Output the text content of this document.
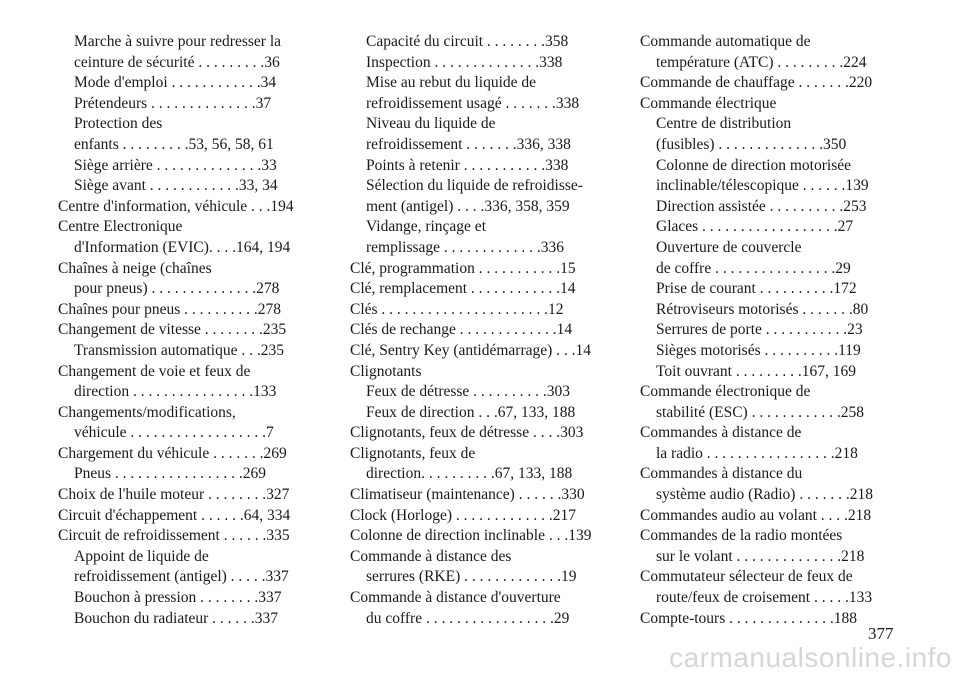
Marche à suivre pour redresser la
ceinture de sécurité . . . . . . . . .36
Mode d'emploi . . . . . . . . . . . .34
Prétendeurs . . . . . . . . . . . . . .37
Protection des
enfants . . . . . . . . .53, 56, 58, 61
Siège arrière . . . . . . . . . . . . . .33
Siège avant . . . . . . . . . . . .33, 34
Centre d'information, véhicule . . .194
Centre Electronique
d'Information (EVIC). . . .164, 194
Chaînes à neige (chaînes
pour pneus) . . . . . . . . . . . . . .278
Chaînes pour pneus . . . . . . . . . .278
Changement de vitesse . . . . . . . .235
Transmission automatique . . .235
Changement de voie et feux de
direction . . . . . . . . . . . . . . . .133
Changements/modifications,
véhicule . . . . . . . . . . . . . . . . . .7
Chargement du véhicule . . . . . . .269
Pneus . . . . . . . . . . . . . . . . .269
Choix de l'huile moteur . . . . . . . .327
Circuit d'échappement . . . . . .64, 334
Circuit de refroidissement . . . . . .335
Appoint de liquide de
refroidissement (antigel) . . . . .337
Bouchon à pression . . . . . . . .337
Bouchon du radiateur . . . . . .337
Capacité du circuit . . . . . . . .358
Inspection . . . . . . . . . . . . . .338
Mise au rebut du liquide de
refroidissement usagé . . . . . . .338
Niveau du liquide de
refroidissement . . . . . . .336, 338
Points à retenir . . . . . . . . . . .338
Sélection du liquide de refroidisse-
ment (antigel) . . . .336, 358, 359
Vidange, rinçage et
remplissage . . . . . . . . . . . . .336
Clé, programmation . . . . . . . . . . .15
Clé, remplacement . . . . . . . . . . . .14
Clés . . . . . . . . . . . . . . . . . . . . . .12
Clés de rechange . . . . . . . . . . . . .14
Clé, Sentry Key (antidémarrage) . . .14
Clignotants
Feux de détresse . . . . . . . . . .303
Feux de direction . . .67, 133, 188
Clignotants, feux de détresse . . . .303
Clignotants, feux de
direction. . . . . . . . . .67, 133, 188
Climatiseur (maintenance) . . . . . .330
Clock (Horloge) . . . . . . . . . . . . .217
Colonne de direction inclinable . . .139
Commande à distance des
serrures (RKE) . . . . . . . . . . . . .19
Commande à distance d'ouverture
du coffre . . . . . . . . . . . . . . . . .29
Commande automatique de
température (ATC) . . . . . . . . .224
Commande de chauffage . . . . . . .220
Commande électrique
Centre de distribution
(fusibles) . . . . . . . . . . . . . .350
Colonne de direction motorisée
inclinable/télescopique . . . . . .139
Direction assistée . . . . . . . . . .253
Glaces . . . . . . . . . . . . . . . . . .27
Ouverture de couvercle
de coffre . . . . . . . . . . . . . . . .29
Prise de courant . . . . . . . . . .172
Rétroviseurs motorisés . . . . . . .80
Serrures de porte . . . . . . . . . . .23
Sièges motorisés . . . . . . . . . .119
Toit ouvrant . . . . . . . . .167, 169
Commande électronique de
stabilité (ESC) . . . . . . . . . . . .258
Commandes à distance de
la radio . . . . . . . . . . . . . . . . .218
Commandes à distance du
système audio (Radio) . . . . . . .218
Commandes audio au volant . . . .218
Commandes de la radio montées
sur le volant . . . . . . . . . . . . . .218
Commutateur sélecteur de feux de
route/feux de croisement . . . . .133
Compte-tours . . . . . . . . . . . . . .188
377
carmanualsonline.info
